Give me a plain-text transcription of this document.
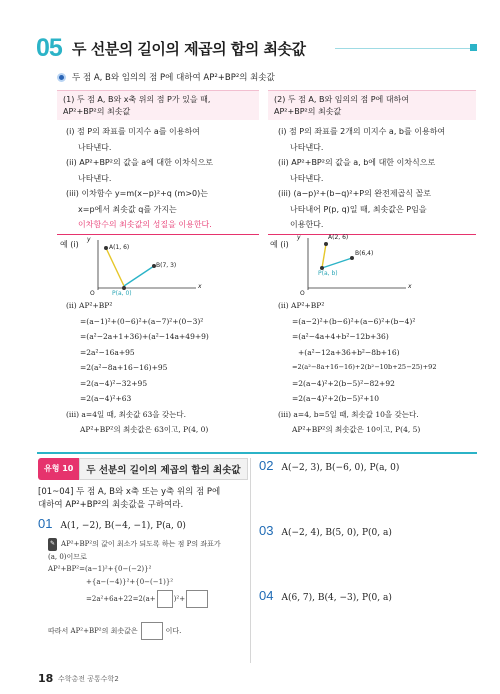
05 두 선분의 길이의 제곱의 합의 최솟값
두 점 A, B와 임의의 점 P에 대하여 AP²+BP²의 최솟값
(1) 두 점 A, B와 x축 위의 점 P가 있을 때,
AP²+BP²의 최솟값
(i) 점 P의 좌표를 미지수 a를 이용하여
나타낸다.
(ii) AP²+BP²의 값을 a에 대한 이차식으로
나타낸다.
(iii) 이차함수 y=m(x−p)²+q (m>0)는
x=p에서 최솟값 q를 가지는
이차함수의 최솟값의 성질을 이용한다.
예 (i)
y
x
O
A(1, 6)
B(7, 3)
P(a, 0)
(ii) AP²+BP²
=(a−1)²+(0−6)²+(a−7)²+(0−3)²
=(a²−2a+1+36)+(a²−14a+49+9)
=2a²−16a+95
=2(a²−8a+16−16)+95
=2(a−4)²−32+95
=2(a−4)²+63
(iii) a=4일 때, 최솟값 63을 갖는다.
AP²+BP²의 최솟값은 63이고, P(4, 0)
(2) 두 점 A, B와 임의의 점 P에 대하여
AP²+BP²의 최솟값
(i) 점 P의 좌표를 2개의 미지수 a, b를 이용하여
나타낸다.
(ii) AP²+BP²의 값을 a, b에 대한 이차식으로
나타낸다.
(iii) (a−p)²+(b−q)²+P의 완전제곱식 꼴로
나타내어 P(p, q)일 때, 최솟값은 P임을
이용한다.
예 (i)
y
x
O
A(2, 6)
B(6,4)
P(a, b)
(ii) AP²+BP²
=(a−2)²+(b−6)²+(a−6)²+(b−4)²
=(a²−4a+4+b²−12b+36)
+(a²−12a+36+b²−8b+16)
=2(a²−8a+16−16)+2(b²−10b+25−25)+92
=2(a−4)²+2(b−5)²−82+92
=2(a−4)²+2(b−5)²+10
(iii) a=4, b=5일 때, 최솟값 10을 갖는다.
AP²+BP²의 최솟값은 10이고, P(4, 5)
유형 10	두 선분의 길이의 제곱의 합의 최솟값
[01~04] 두 점 A, B와 x축 또는 y축 위의 점 P에
대하여 AP²+BP²의 최솟값을 구하여라.
01 A(1, −2), B(−4, −1), P(a, 0)
✎ AP²+BP²의 값이 최소가 되도록 하는 점 P의 좌표가
(a, 0)이므로
AP²+BP²=(a−1)²+{0−(−2)}²
+{a−(−4)}²+{0−(−1)}²
=2a²+6a+22=2(a+	)²+
따라서 AP²+BP²의 최솟값은	이다.
02 A(−2, 3), B(−6, 0), P(a, 0)
03 A(−2, 4), B(5, 0), P(0, a)
04 A(6, 7), B(4, −3), P(0, a)
18 수학총전 공통수학2
